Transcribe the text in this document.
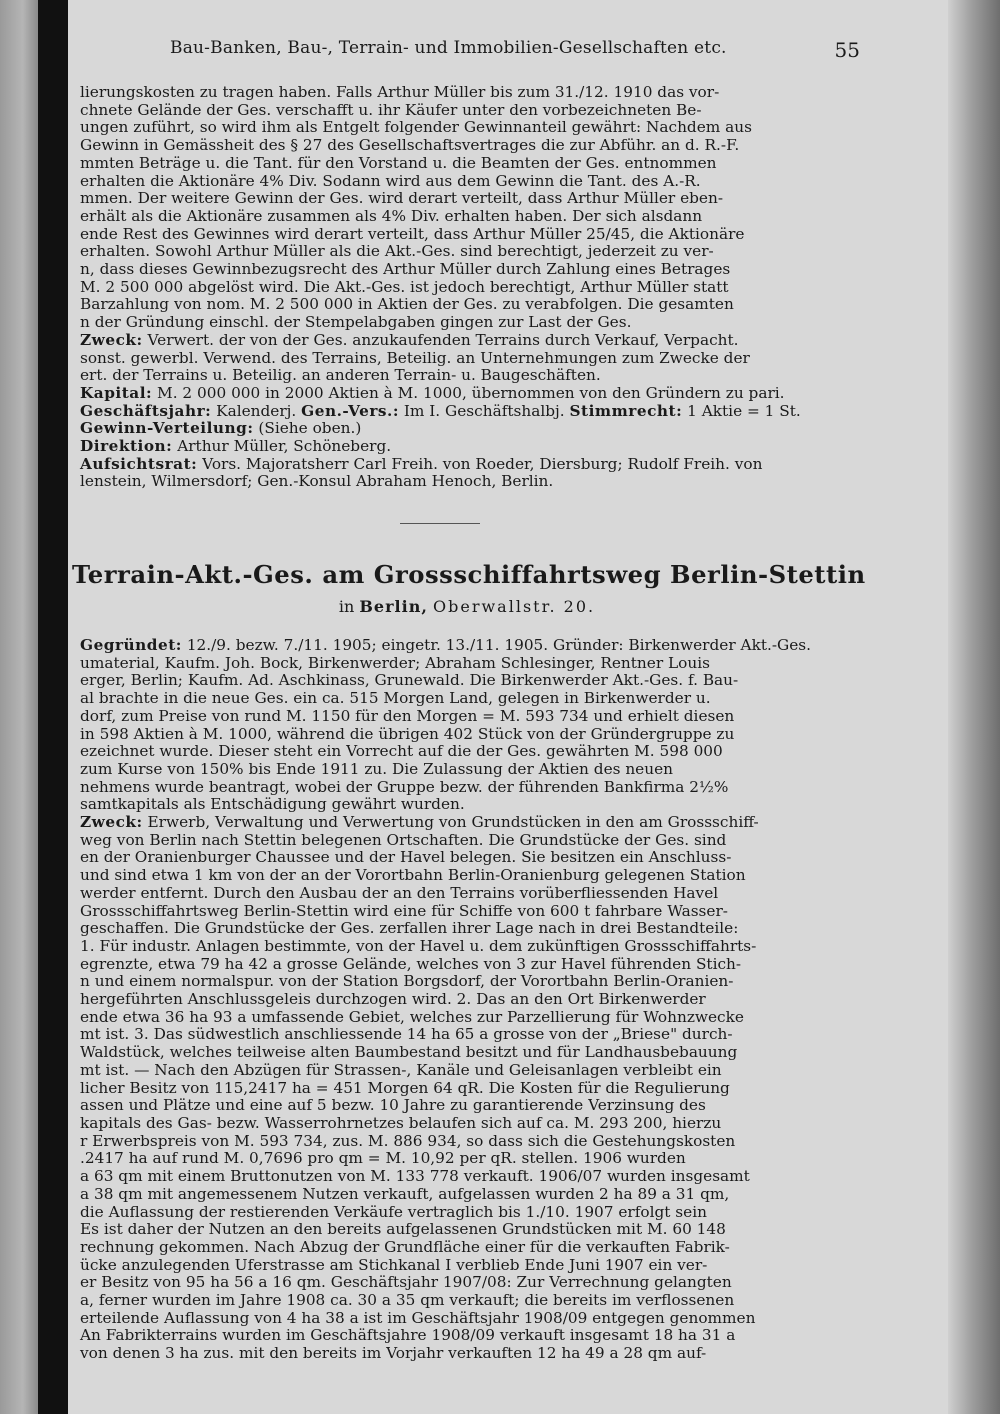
Bau-Banken, Bau-, Terrain- und Immobilien-Gesellschaften etc.	55
lierungskosten zu tragen haben. Falls Arthur Müller bis zum 31./12. 1910 das vor-
chnete Gelände der Ges. verschafft u. ihr Käufer unter den vorbezeichneten Be-
ungen zuführt, so wird ihm als Entgelt folgender Gewinnanteil gewährt: Nachdem aus
Gewinn in Gemässheit des § 27 des Gesellschaftsvertrages die zur Abführ. an d. R.-F.
mmten Beträge u. die Tant. für den Vorstand u. die Beamten der Ges. entnommen
erhalten die Aktionäre 4% Div. Sodann wird aus dem Gewinn die Tant. des A.-R.
mmen. Der weitere Gewinn der Ges. wird derart verteilt, dass Arthur Müller eben-
erhält als die Aktionäre zusammen als 4% Div. erhalten haben. Der sich alsdann
ende Rest des Gewinnes wird derart verteilt, dass Arthur Müller 25/45, die Aktionäre
erhalten. Sowohl Arthur Müller als die Akt.-Ges. sind berechtigt, jederzeit zu ver-
n, dass dieses Gewinnbezugsrecht des Arthur Müller durch Zahlung eines Betrages
M. 2 500 000 abgelöst wird. Die Akt.-Ges. ist jedoch berechtigt, Arthur Müller statt
Barzahlung von nom. M. 2 500 000 in Aktien der Ges. zu verabfolgen. Die gesamten
n der Gründung einschl. der Stempelabgaben gingen zur Last der Ges.
Zweck: Verwert. der von der Ges. anzukaufenden Terrains durch Verkauf, Verpacht.
sonst. gewerbl. Verwend. des Terrains, Beteilig. an Unternehmungen zum Zwecke der
ert. der Terrains u. Beteilig. an anderen Terrain- u. Baugeschäften.
Kapital: M. 2 000 000 in 2000 Aktien à M. 1000, übernommen von den Gründern zu pari.
Geschäftsjahr: Kalenderj. Gen.-Vers.: Im I. Geschäftshalbj. Stimmrecht: 1 Aktie = 1 St.
Gewinn-Verteilung: (Siehe oben.)
Direktion: Arthur Müller, Schöneberg.
Aufsichtsrat: Vors. Majoratsherr Carl Freih. von Roeder, Diersburg; Rudolf Freih. von
lenstein, Wilmersdorf; Gen.-Konsul Abraham Henoch, Berlin.
Terrain-Akt.-Ges. am Grossschiffahrtsweg Berlin-Stettin
in Berlin, Oberwallstr. 20.
Gegründet: 12./9. bezw. 7./11. 1905; eingetr. 13./11. 1905. Gründer: Birkenwerder Akt.-Ges.
umaterial, Kaufm. Joh. Bock, Birkenwerder; Abraham Schlesinger, Rentner Louis
erger, Berlin; Kaufm. Ad. Aschkinass, Grunewald. Die Birkenwerder Akt.-Ges. f. Bau-
al brachte in die neue Ges. ein ca. 515 Morgen Land, gelegen in Birkenwerder u.
dorf, zum Preise von rund M. 1150 für den Morgen = M. 593 734 und erhielt diesen
in 598 Aktien à M. 1000, während die übrigen 402 Stück von der Gründergruppe zu
ezeichnet wurde. Dieser steht ein Vorrecht auf die der Ges. gewährten M. 598 000
zum Kurse von 150% bis Ende 1911 zu. Die Zulassung der Aktien des neuen
nehmens wurde beantragt, wobei der Gruppe bezw. der führenden Bankfirma 2½%
samtkapitals als Entschädigung gewährt wurden.
Zweck: Erwerb, Verwaltung und Verwertung von Grundstücken in den am Grossschiff-
weg von Berlin nach Stettin belegenen Ortschaften. Die Grundstücke der Ges. sind
en der Oranienburger Chaussee und der Havel belegen. Sie besitzen ein Anschluss-
und sind etwa 1 km von der an der Vorortbahn Berlin-Oranienburg gelegenen Station
werder entfernt. Durch den Ausbau der an den Terrains vorüberfliessenden Havel
Grossschiffahrtsweg Berlin-Stettin wird eine für Schiffe von 600 t fahrbare Wasser-
geschaffen. Die Grundstücke der Ges. zerfallen ihrer Lage nach in drei Bestandteile:
1. Für industr. Anlagen bestimmte, von der Havel u. dem zukünftigen Grossschiffahrts-
egrenzte, etwa 79 ha 42 a grosse Gelände, welches von 3 zur Havel führenden Stich-
n und einem normalspur. von der Station Borgsdorf, der Vorortbahn Berlin-Oranien-
hergeführten Anschlussgeleis durchzogen wird. 2. Das an den Ort Birkenwerder
ende etwa 36 ha 93 a umfassende Gebiet, welches zur Parzellierung für Wohnzwecke
mt ist. 3. Das südwestlich anschliessende 14 ha 65 a grosse von der „Briese" durch-
Waldstück, welches teilweise alten Baumbestand besitzt und für Landhausbebauung
mt ist. — Nach den Abzügen für Strassen-, Kanäle und Geleisanlagen verbleibt ein
licher Besitz von 115,2417 ha = 451 Morgen 64 qR. Die Kosten für die Regulierung
assen und Plätze und eine auf 5 bezw. 10 Jahre zu garantierende Verzinsung des
kapitals des Gas- bezw. Wasserrohrnetzes belaufen sich auf ca. M. 293 200, hierzu
r Erwerbspreis von M. 593 734, zus. M. 886 934, so dass sich die Gestehungskosten
.2417 ha auf rund M. 0,7696 pro qm = M. 10,92 per qR. stellen. 1906 wurden
a 63 qm mit einem Bruttonutzen von M. 133 778 verkauft. 1906/07 wurden insgesamt
a 38 qm mit angemessenem Nutzen verkauft, aufgelassen wurden 2 ha 89 a 31 qm,
die Auflassung der restierenden Verkäufe vertraglich bis 1./10. 1907 erfolgt sein
Es ist daher der Nutzen an den bereits aufgelassenen Grundstücken mit M. 60 148
rechnung gekommen. Nach Abzug der Grundfläche einer für die verkauften Fabrik-
ücke anzulegenden Uferstrasse am Stichkanal I verblieb Ende Juni 1907 ein ver-
er Besitz von 95 ha 56 a 16 qm. Geschäftsjahr 1907/08: Zur Verrechnung gelangten
a, ferner wurden im Jahre 1908 ca. 30 a 35 qm verkauft; die bereits im verflossenen
erteilende Auflassung von 4 ha 38 a ist im Geschäftsjahr 1908/09 entgegen genommen
An Fabrikterrains wurden im Geschäftsjahre 1908/09 verkauft insgesamt 18 ha 31 a
von denen 3 ha zus. mit den bereits im Vorjahr verkauften 12 ha 49 a 28 qm auf-
